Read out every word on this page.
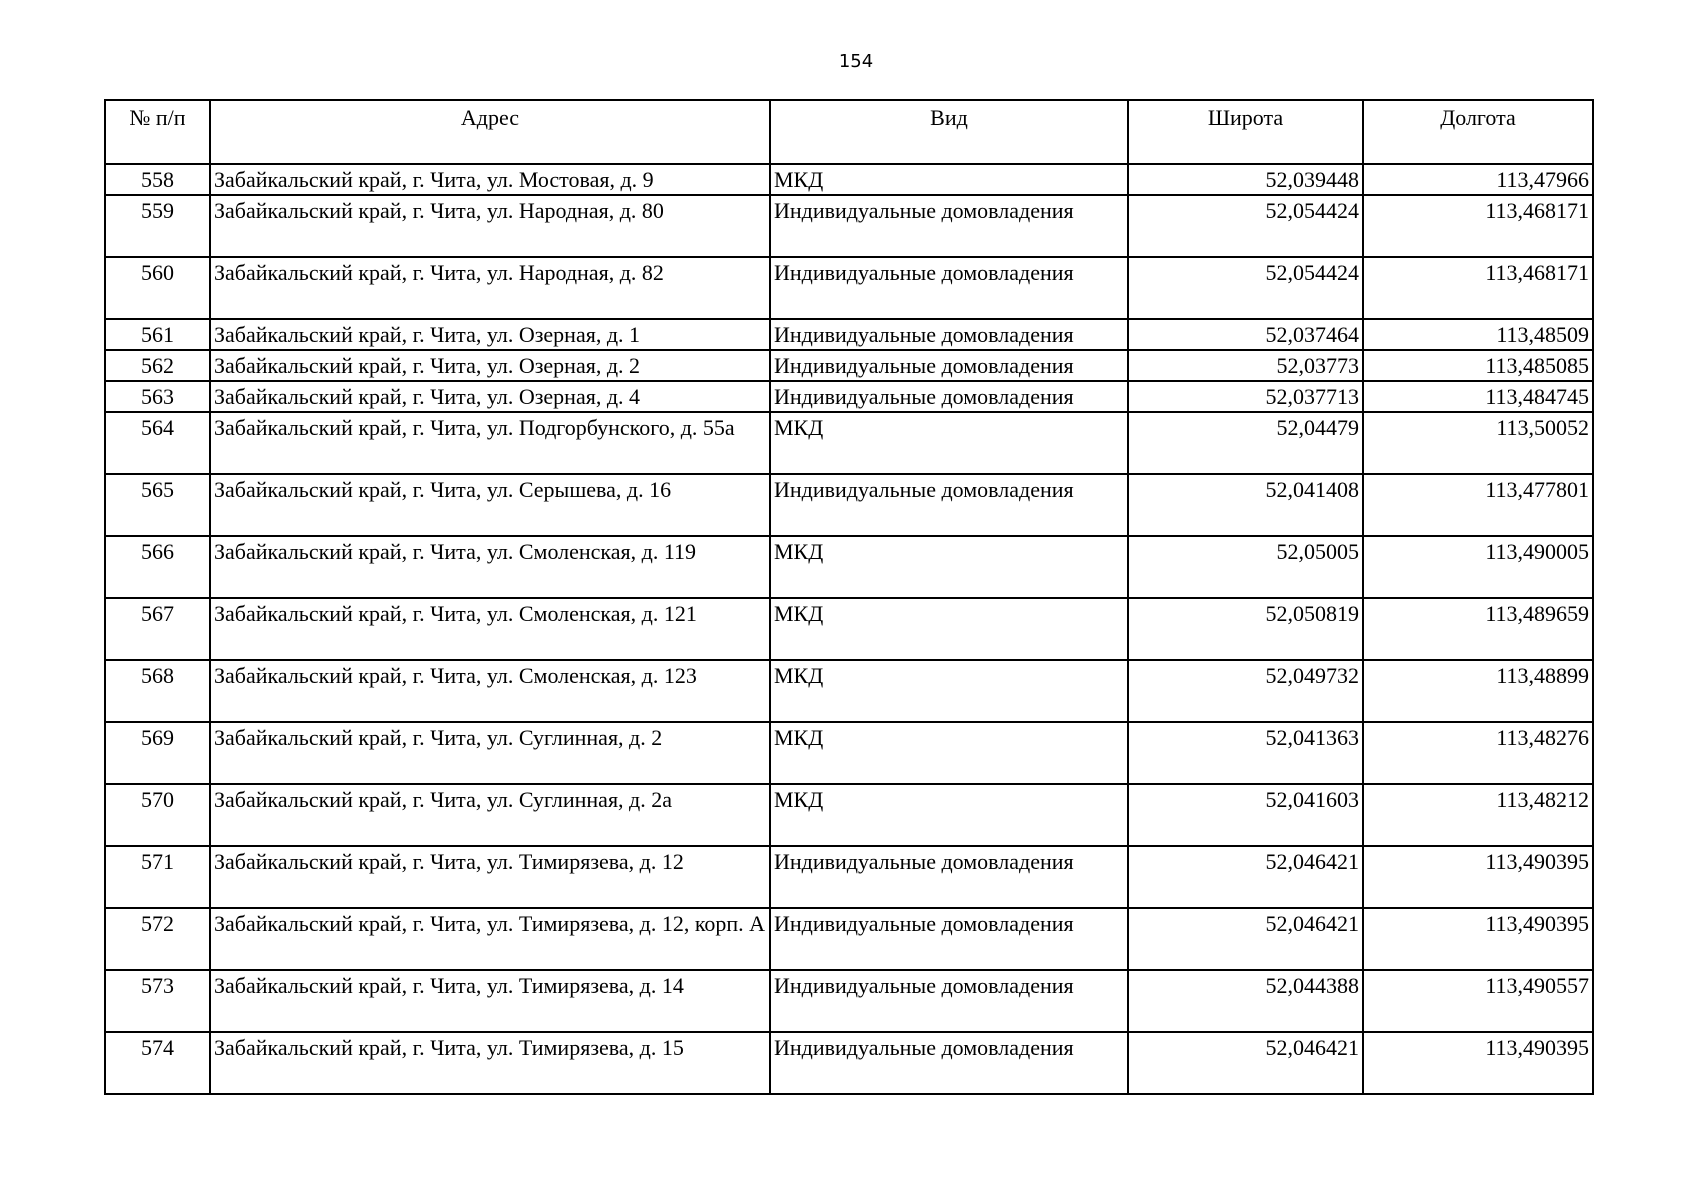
154
№ п/п	Адрес	Вид	Широта	Долгота
558	Забайкальский край, г. Чита, ул. Мостовая, д. 9	МКД	52,039448	113,47966
559	Забайкальский край, г. Чита, ул. Народная, д. 80	Индивидуальные домовладения	52,054424	113,468171
560	Забайкальский край, г. Чита, ул. Народная, д. 82	Индивидуальные домовладения	52,054424	113,468171
561	Забайкальский край, г. Чита, ул. Озерная, д. 1	Индивидуальные домовладения	52,037464	113,48509
562	Забайкальский край, г. Чита, ул. Озерная, д. 2	Индивидуальные домовладения	52,03773	113,485085
563	Забайкальский край, г. Чита, ул. Озерная, д. 4	Индивидуальные домовладения	52,037713	113,484745
564	Забайкальский край, г. Чита, ул. Подгорбунского, д. 55а	МКД	52,04479	113,50052
565	Забайкальский край, г. Чита, ул. Серышева, д. 16	Индивидуальные домовладения	52,041408	113,477801
566	Забайкальский край, г. Чита, ул. Смоленская, д. 119	МКД	52,05005	113,490005
567	Забайкальский край, г. Чита, ул. Смоленская, д. 121	МКД	52,050819	113,489659
568	Забайкальский край, г. Чита, ул. Смоленская, д. 123	МКД	52,049732	113,48899
569	Забайкальский край, г. Чита, ул. Суглинная, д. 2	МКД	52,041363	113,48276
570	Забайкальский край, г. Чита, ул. Суглинная, д. 2а	МКД	52,041603	113,48212
571	Забайкальский край, г. Чита, ул. Тимирязева, д. 12	Индивидуальные домовладения	52,046421	113,490395
572	Забайкальский край, г. Чита, ул. Тимирязева, д. 12, корп. А	Индивидуальные домовладения	52,046421	113,490395
573	Забайкальский край, г. Чита, ул. Тимирязева, д. 14	Индивидуальные домовладения	52,044388	113,490557
574	Забайкальский край, г. Чита, ул. Тимирязева, д. 15	Индивидуальные домовладения	52,046421	113,490395
